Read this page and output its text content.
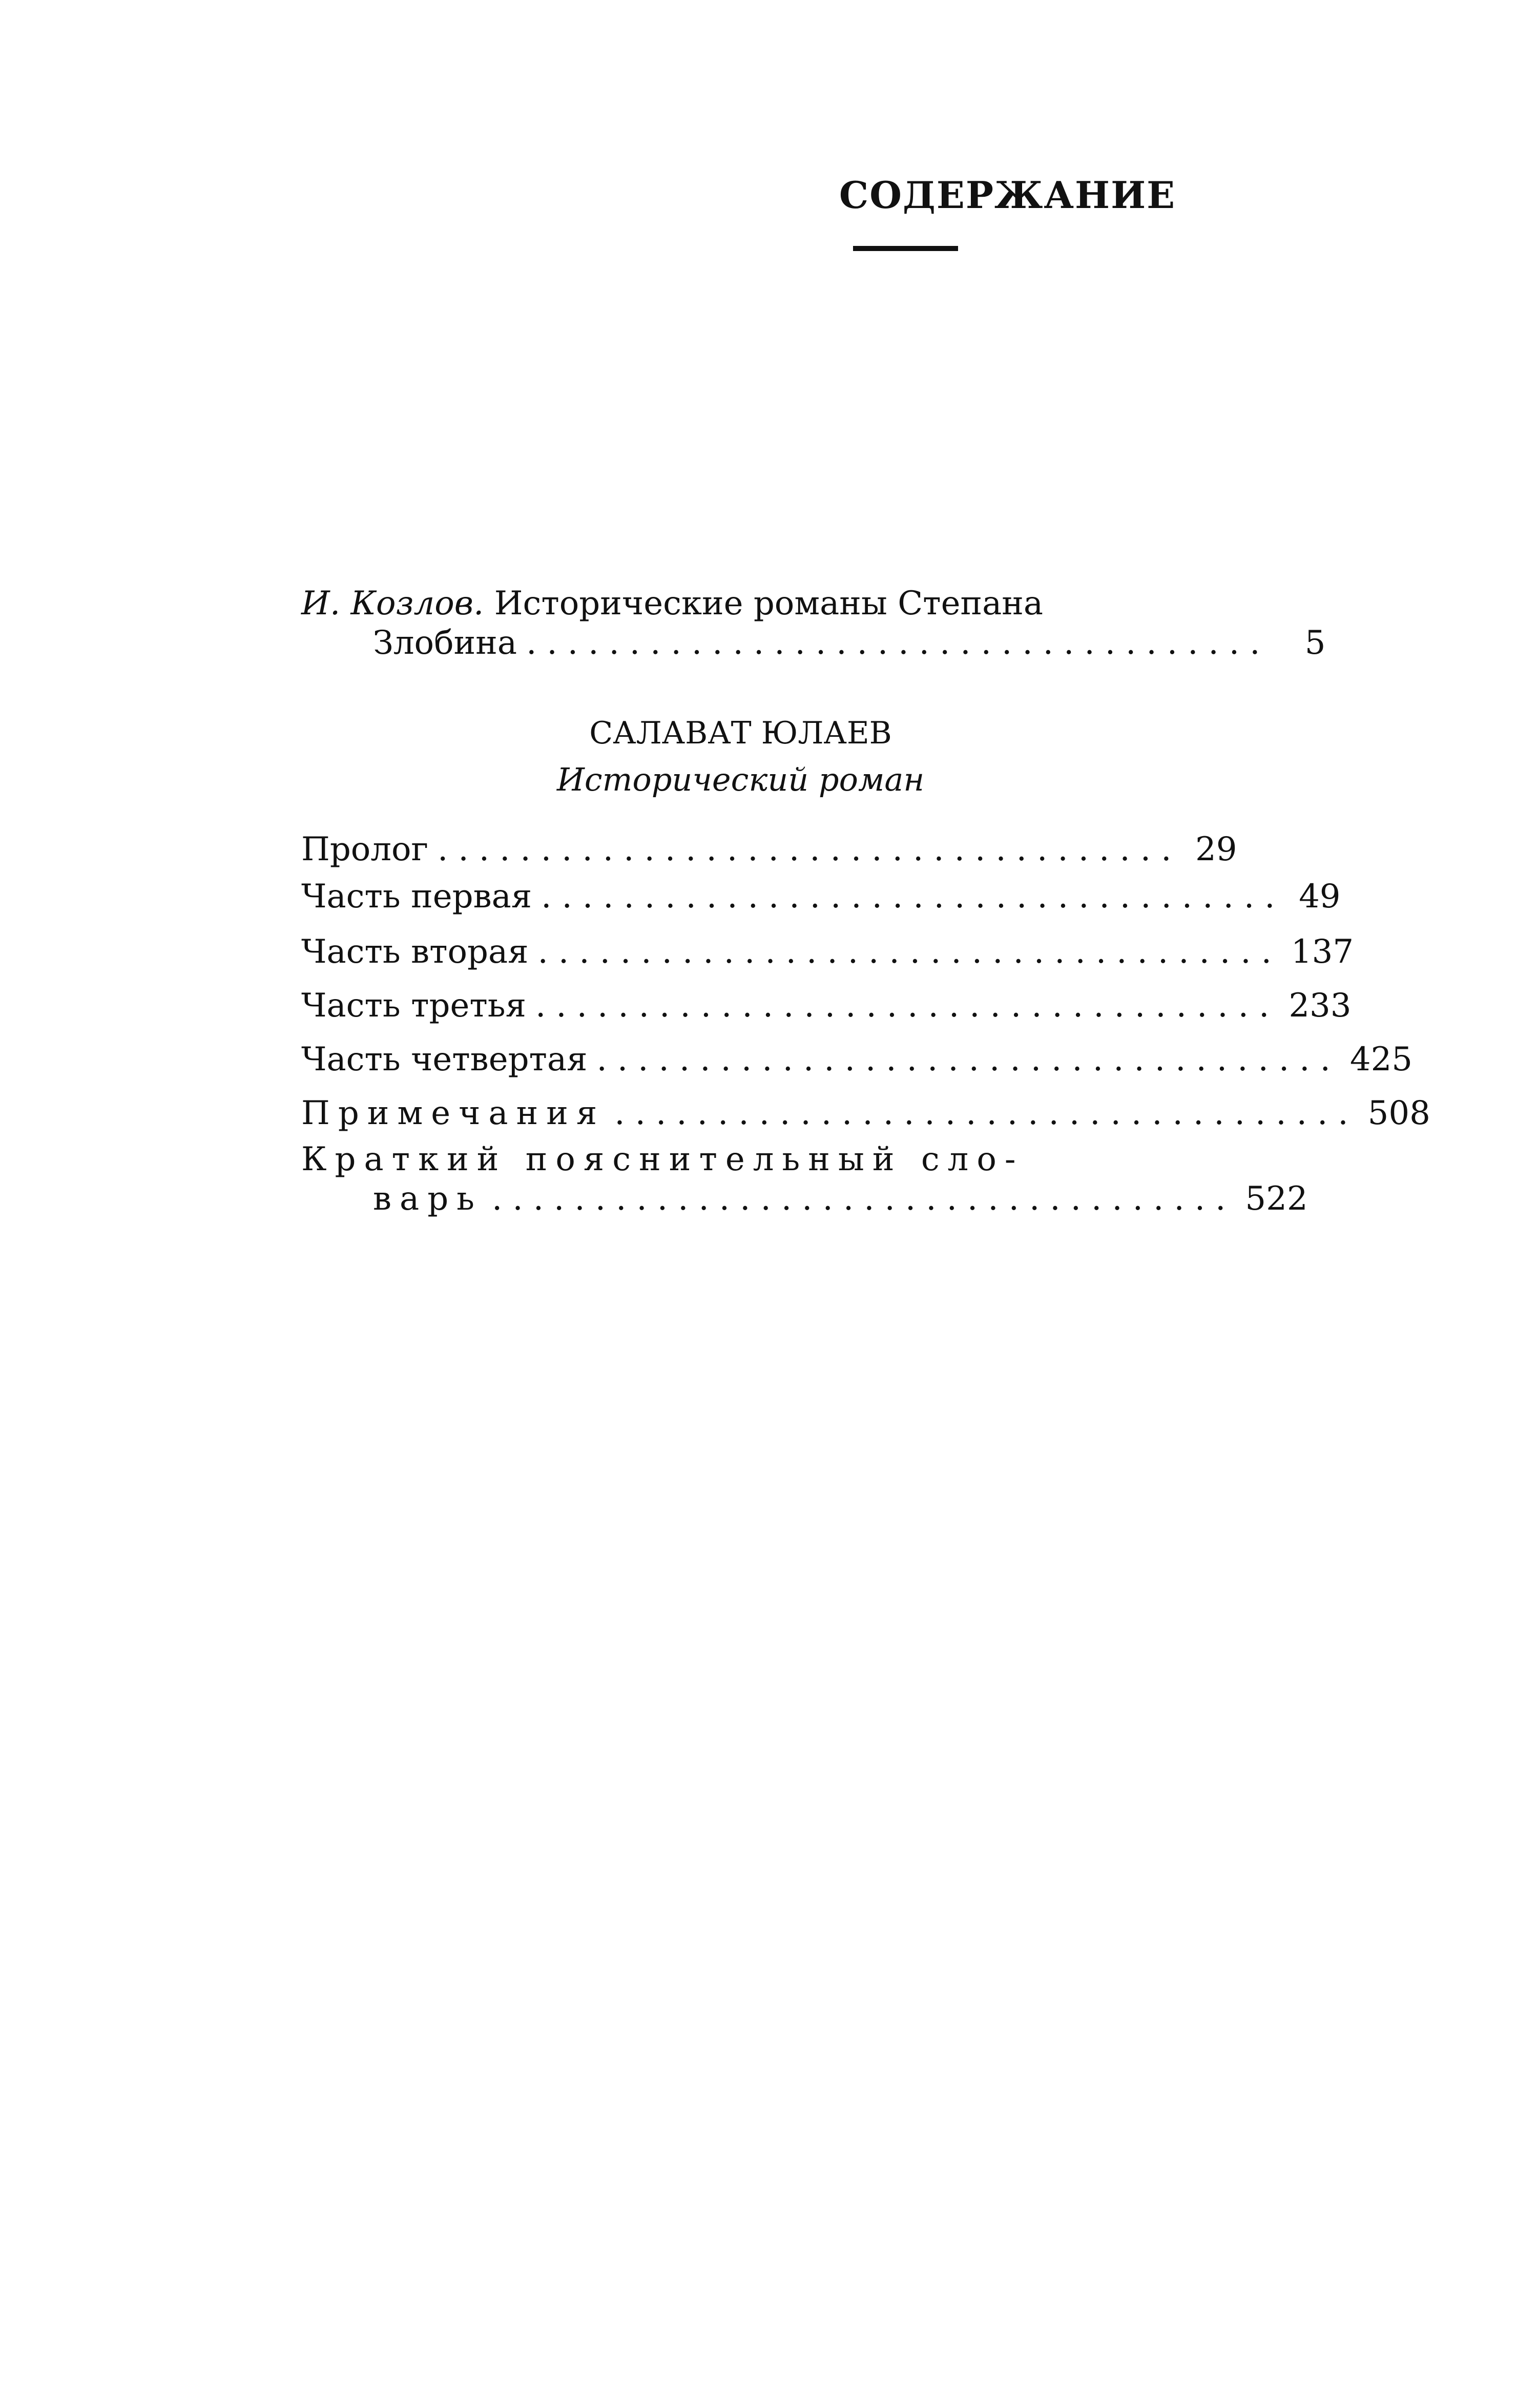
СОДЕРЖАНИЕ
И. Козлов.
Исторические романы Степана
Злобина ....................................	5
САЛАВАТ ЮЛАЕВ
Исторический роман
Пролог .................................... 29
Часть первая .................................... 49
Часть вторая .................................... 137
Часть третья .................................... 233
Часть четвертая .................................... 425
Примечания .................................... 508
Краткий пояснительный сло-
варь .................................... 522
